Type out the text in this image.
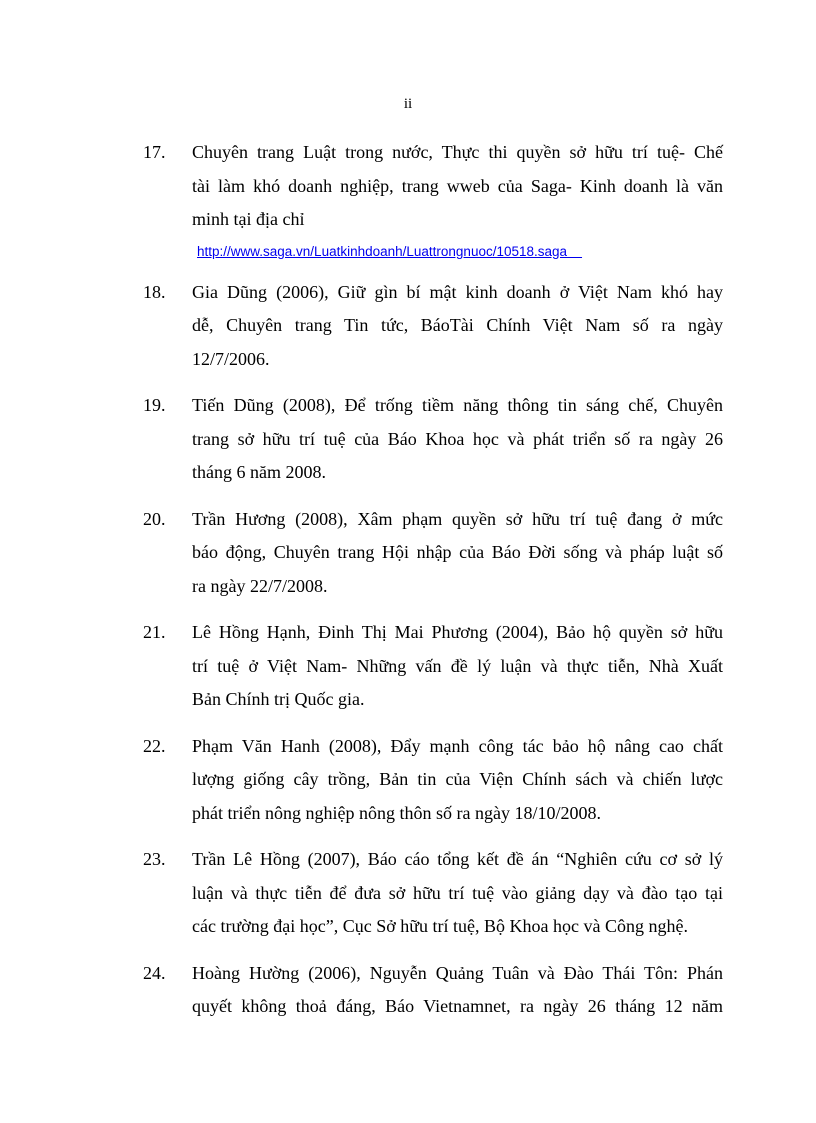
ii
17. Chuyên trang Luật trong nước, Thực thi quyền sở hữu trí tuệ- Chế
tài làm khó doanh nghiệp, trang wweb của Saga- Kinh doanh là văn
minh tại địa chỉ
http://www.saga.vn/Luatkinhdoanh/Luattrongnuoc/10518.saga
18. Gia Dũng (2006), Giữ gìn bí mật kinh doanh ở Việt Nam khó hay
dễ, Chuyên trang Tin tức, BáoTài Chính Việt Nam số ra ngày
12/7/2006.
19. Tiến Dũng (2008), Để trống tiềm năng thông tin sáng chế, Chuyên
trang sở hữu trí tuệ của Báo Khoa học và phát triển số ra ngày 26
tháng 6 năm 2008.
20. Trần Hương (2008), Xâm phạm quyền sở hữu trí tuệ đang ở mức
báo động, Chuyên trang Hội nhập của Báo Đời sống và pháp luật số
ra ngày 22/7/2008.
21. Lê Hồng Hạnh, Đinh Thị Mai Phương (2004), Bảo hộ quyền sở hữu
trí tuệ ở Việt Nam- Những vấn đề lý luận và thực tiễn, Nhà Xuất
Bản Chính trị Quốc gia.
22. Phạm Văn Hanh (2008), Đẩy mạnh công tác bảo hộ nâng cao chất
lượng giống cây trồng, Bản tin của Viện Chính sách và chiến lược
phát triển nông nghiệp nông thôn số ra ngày 18/10/2008.
23. Trần Lê Hồng (2007), Báo cáo tổng kết đề án “Nghiên cứu cơ sở lý
luận và thực tiễn để đưa sở hữu trí tuệ vào giảng dạy và đào tạo tại
các trường đại học”, Cục Sở hữu trí tuệ, Bộ Khoa học và Công nghệ.
24. Hoàng Hường (2006), Nguyễn Quảng Tuân và Đào Thái Tôn: Phán
quyết không thoả đáng, Báo Vietnamnet, ra ngày 26 tháng 12 năm
